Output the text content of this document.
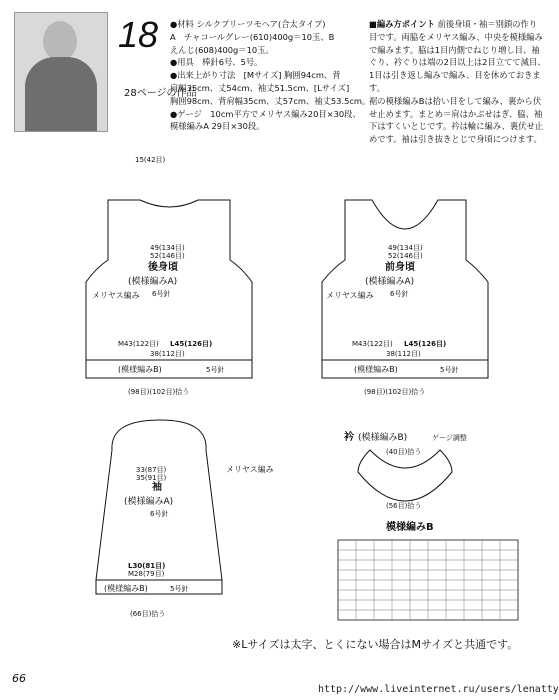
18
28ページの作品
●材料 シルクプリーツモヘア(合太タイプ)
A　チャコールグレー(610)400g＝10玉、B
えんじ(608)400g＝10玉。
●用具　棒針6号、5号。
●出来上がり寸法　[Mサイズ] 胸囲94cm、背
肩幅35cm、丈54cm、袖丈51.5cm、[Lサイズ]
胸囲98cm、背肩幅35cm、丈57cm、袖丈53.5cm。
●ゲージ　10cm平方でメリヤス編み20目×30段、
模様編みA 29目×30段。
■編み方ポイント 前後身頃・袖＝別鎖の作り
目です。両脇をメリヤス編み、中央を模様編み
で編みます。脇は1目内側でねじり増し目、袖
ぐり、衿ぐりは端の2目以上は2目立てて減目、
1目は引き返し編みで編み、目を休めておきます。
裾の模様編みBは拾い目をして編み、裏から伏
せ止めます。まとめ＝肩はかぶせはぎ、脇、袖
下はすくいとじです。衿は輪に編み、裏伏せ止
めです。袖は引き抜きとじで身頃につけます。
後身頃
(模様編みA)
6号針
15(42目)
49(134目)
52(146目)
M43(122目) L45(126目)
38(112目)
(模様編みB)	5号針
(98目)(102目)拾う
メリヤス編み
前身頃
(模様編みA)
6号針
49(134目)
52(146目)
M43(122目) L45(126目)
38(112目)
(模様編みB)	5号針
(98目)(102目)拾う
メリヤス編み
袖
(模様編みA)
6号針
33(87目)
35(91目)
L30(81目)
M28(79目)
(模様編みB)	5号針
(66目)拾う
メリヤス編み
衿 (模様編みB)	ゲージ調整
(40目)拾う
(56目)拾う
模様編みB
※Lサイズは太字、とくにない場合はMサイズと共通です。
66
http://www.liveinternet.ru/users/lenatty
